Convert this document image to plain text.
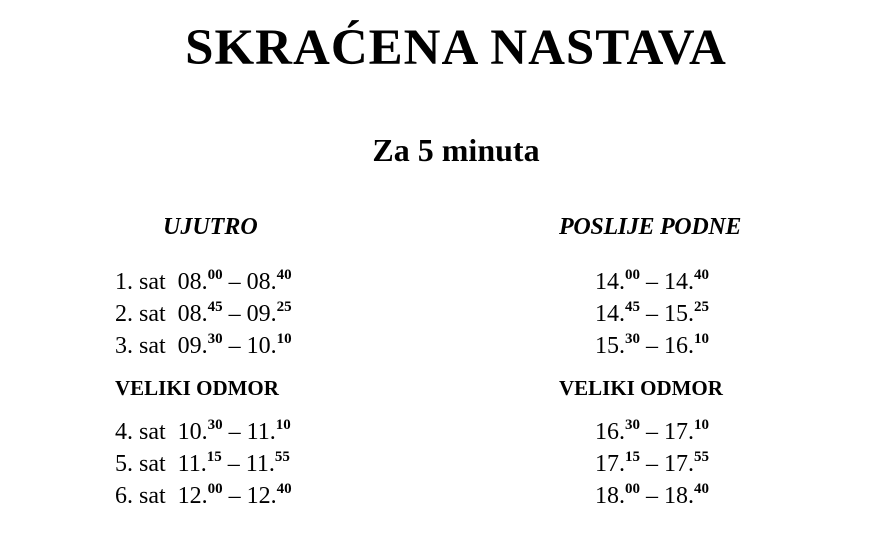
SKRAĆENA NASTAVA
Za 5 minuta
UJUTRO
1. sat 08.00 – 08.40
2. sat 08.45 – 09.25
3. sat 09.30 – 10.10
VELIKI ODMOR
4. sat 10.30 – 11.10
5. sat 11.15 – 11.55
6. sat 12.00 – 12.40
POSLIJE PODNE
14.00 – 14.40
14.45 – 15.25
15.30 – 16.10
VELIKI ODMOR
16.30 – 17.10
17.15 – 17.55
18.00 – 18.40
